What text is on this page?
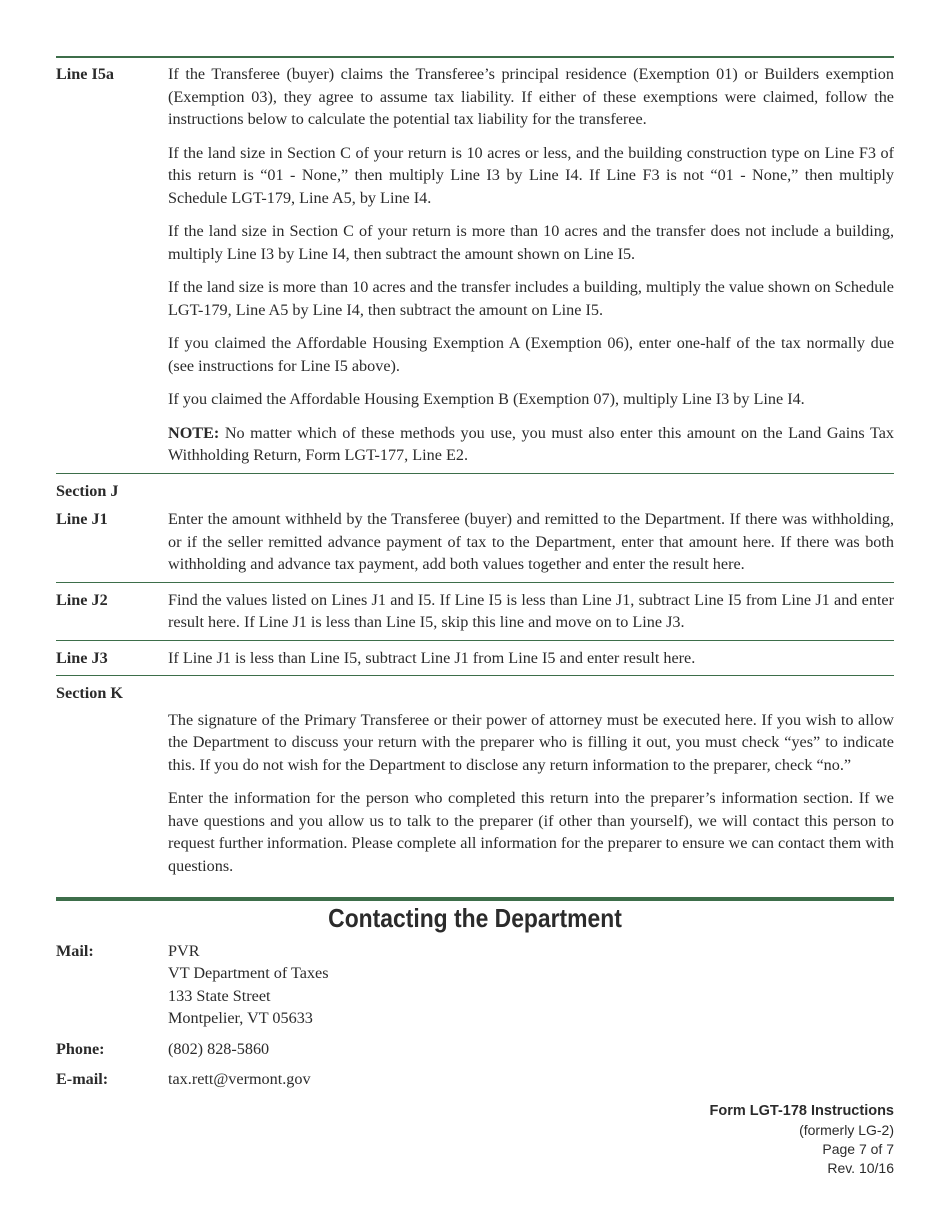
Line I5a	If the Transferee (buyer) claims the Transferee’s principal residence (Exemption 01) or Builders exemption (Exemption 03), they agree to assume tax liability. If either of these exemptions were claimed, follow the instructions below to calculate the potential tax liability for the transferee.

If the land size in Section C of your return is 10 acres or less, and the building construction type on Line F3 of this return is “01 - None,” then multiply Line I3 by Line I4. If Line F3 is not “01 - None,” then multiply Schedule LGT-179, Line A5, by Line I4.

If the land size in Section C of your return is more than 10 acres and the transfer does not include a building, multiply Line I3 by Line I4, then subtract the amount shown on Line I5.

If the land size is more than 10 acres and the transfer includes a building, multiply the value shown on Schedule LGT-179, Line A5 by Line I4, then subtract the amount on Line I5.

If you claimed the Affordable Housing Exemption A (Exemption 06), enter one-half of the tax normally due (see instructions for Line I5 above).

If you claimed the Affordable Housing Exemption B (Exemption 07), multiply Line I3 by Line I4.

NOTE: No matter which of these methods you use, you must also enter this amount on the Land Gains Tax Withholding Return, Form LGT-177, Line E2.

Section J
Line J1	Enter the amount withheld by the Transferee (buyer) and remitted to the Department. If there was withholding, or if the seller remitted advance payment of tax to the Department, enter that amount here. If there was both withholding and advance tax payment, add both values together and enter the result here.
Line J2	Find the values listed on Lines J1 and I5. If Line I5 is less than Line J1, subtract Line I5 from Line J1 and enter result here. If Line J1 is less than Line I5, skip this line and move on to Line J3.
Line J3	If Line J1 is less than Line I5, subtract Line J1 from Line I5 and enter result here.
Section K

The signature of the Primary Transferee or their power of attorney must be executed here. If you wish to allow the Department to discuss your return with the preparer who is filling it out, you must check “yes” to indicate this. If you do not wish for the Department to disclose any return information to the preparer, check “no.”

Enter the information for the person who completed this return into the preparer’s information section. If we have questions and you allow us to talk to the preparer (if other than yourself), we will contact this person to request further information. Please complete all information for the preparer to ensure we can contact them with questions.

Contacting the Department
Mail:	PVR
VT Department of Taxes
133 State Street
Montpelier, VT 05633
Phone:	(802) 828-5860
E-mail:	tax.rett@vermont.gov
Form LGT-178 Instructions
(formerly LG-2)
Page 7 of 7
Rev. 10/16
